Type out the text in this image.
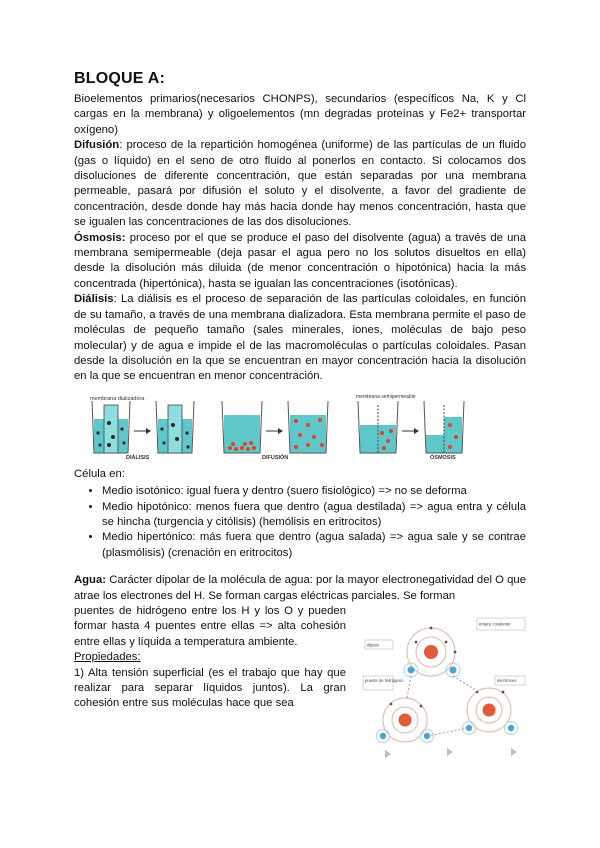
BLOQUE A:

Bioelementos primarios(necesarios CHONPS), secundarios (específicos Na, K y Cl cargas en la membrana) y oligoelementos (mn degradas proteínas y Fe2+ transportar oxígeno)

Difusión: proceso de la repartición homogénea (uniforme) de las partículas de un fluido (gas o líquido) en el seno de otro fluido al ponerlos en contacto. Si colocamos dos disoluciones de diferente concentración, que están separadas por una membrana permeable, pasará por difusión el soluto y el disolvente, a favor del gradiente de concentración, desde donde hay más hacia donde hay menos concentración, hasta que se igualen las concentraciones de las dos disoluciones.

Ósmosis: proceso por el que se produce el paso del disolvente (agua) a través de una membrana semipermeable (deja pasar el agua pero no los solutos disueltos en ella) desde la disolución más diluida (de menor concentración o hipotónica) hacia la más concentrada (hipertónica), hasta se igualan las concentraciones (isotónicas).

Diálisis: La diálisis es el proceso de separación de las partículas coloidales, en función de su tamaño, a través de una membrana dializadora. Esta membrana permite el paso de moléculas de pequeño tamaño (sales minerales, iones, moléculas de bajo peso molecular) y de agua e impide el de las macromoléculas o partículas coloidales. Pasan desde la disolución en la que se encuentran en mayor concentración hacia la disolución en la que se encuentran en menor concentración.

membrana dializadora
DIÁLISIS	DIFUSIÓN
membrana semipermeable
ÓSMOSIS
Célula en:
• Medio isotónico: igual fuera y dentro (suero fisiológico) => no se deforma
• Medio hipotónico: menos fuera que dentro (agua destilada) => agua entra y célula se hincha (turgencia y citólisis) (hemólisis en eritrocitos)
• Medio hipertónico: más fuera que dentro (agua salada) => agua sale y se contrae (plasmólisis) (crenación en eritrocitos)

Agua: Carácter dipolar de la molécula de agua: por la mayor electronegatividad del O que atrae los electrones del H. Se forman cargas eléctricas parciales. Se forman

puentes de hidrógeno entre los H y los O y pueden formar hasta 4 puentes entre ellas => alta cohesión entre ellas y líquida a temperatura ambiente.

Propiedades:

1) Alta tensión superficial (es el trabajo que hay que realizar para separar líquidos juntos). La gran cohesión entre sus moléculas hace que sea

dipolo
puente de hidrógeno
enlace covalente
electrones
